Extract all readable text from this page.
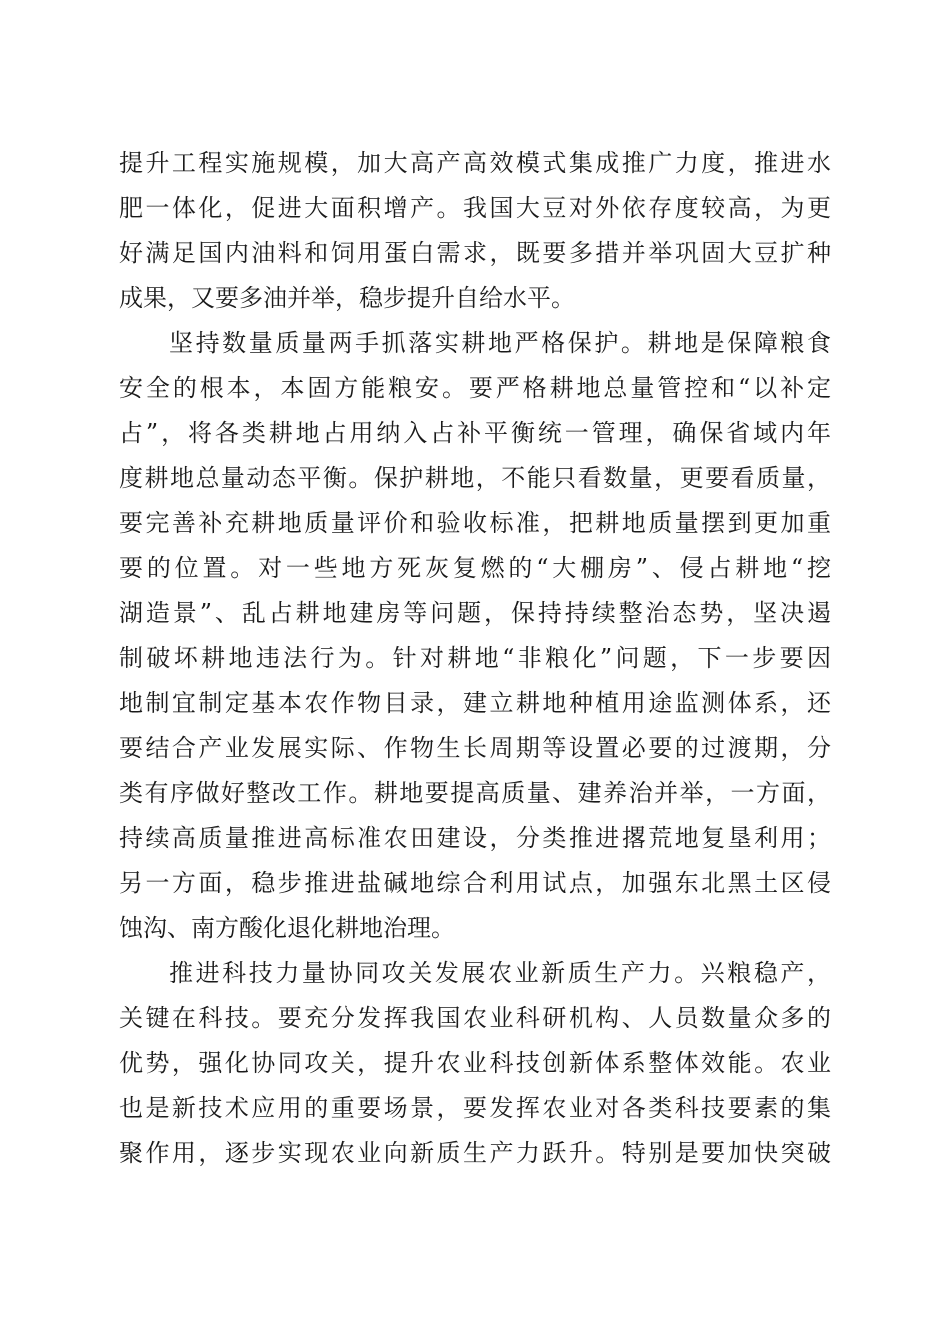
提升工程实施规模，加大高产高效模式集成推广力度，推进水
肥一体化，促进大面积增产。我国大豆对外依存度较高，为更
好满足国内油料和饲用蛋白需求，既要多措并举巩固大豆扩种
成果，又要多油并举，稳步提升自给水平。
坚持数量质量两手抓落实耕地严格保护。耕地是保障粮食
安全的根本，本固方能粮安。要严格耕地总量管控和“以补定
占”，将各类耕地占用纳入占补平衡统一管理，确保省域内年
度耕地总量动态平衡。保护耕地，不能只看数量，更要看质量，
要完善补充耕地质量评价和验收标准，把耕地质量摆到更加重
要的位置。对一些地方死灰复燃的“大棚房”、侵占耕地“挖
湖造景”、乱占耕地建房等问题，保持持续整治态势，坚决遏
制破坏耕地违法行为。针对耕地“非粮化”问题，下一步要因
地制宜制定基本农作物目录，建立耕地种植用途监测体系，还
要结合产业发展实际、作物生长周期等设置必要的过渡期，分
类有序做好整改工作。耕地要提高质量、建养治并举，一方面，
持续高质量推进高标准农田建设，分类推进撂荒地复垦利用；
另一方面，稳步推进盐碱地综合利用试点，加强东北黑土区侵
蚀沟、南方酸化退化耕地治理。
推进科技力量协同攻关发展农业新质生产力。兴粮稳产，
关键在科技。要充分发挥我国农业科研机构、人员数量众多的
优势，强化协同攻关，提升农业科技创新体系整体效能。农业
也是新技术应用的重要场景，要发挥农业对各类科技要素的集
聚作用，逐步实现农业向新质生产力跃升。特别是要加快突破
